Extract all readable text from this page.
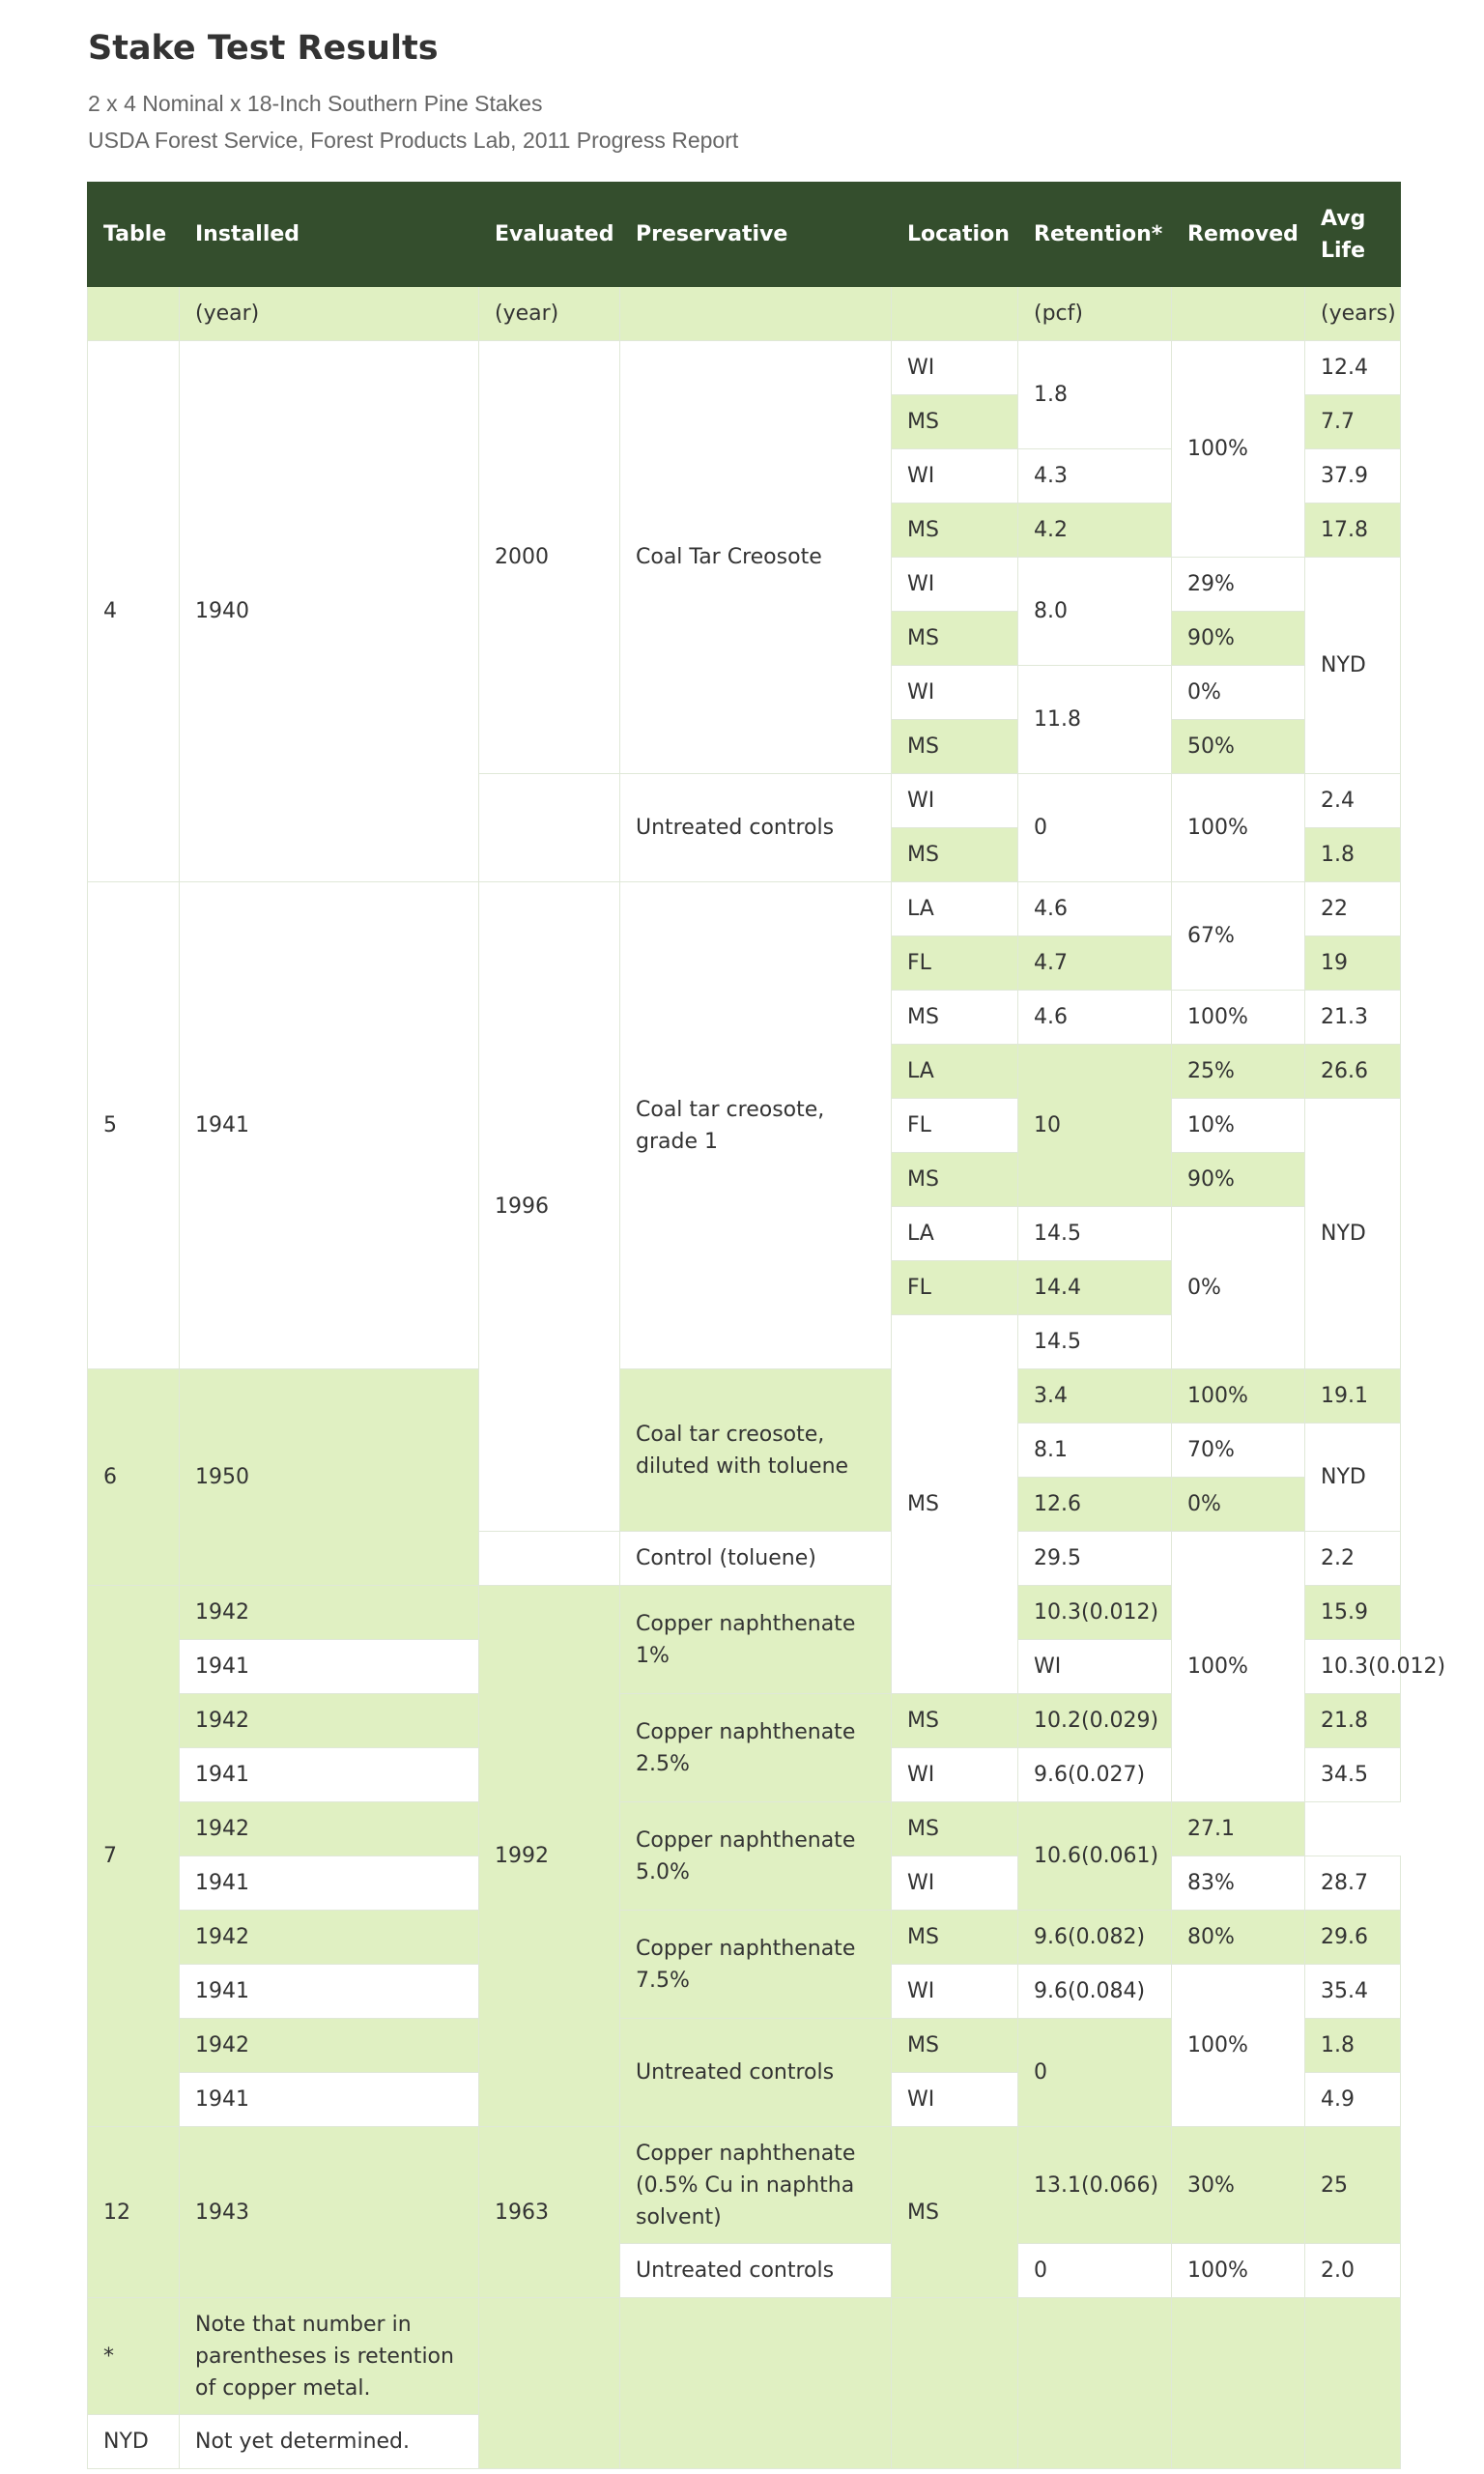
Stake Test Results

2 x 4 Nominal x 18-Inch Southern Pine Stakes

USDA Forest Service, Forest Products Lab, 2011 Progress Report

Table	Installed	Evaluated	Preservative	Location	Retention*	Removed	Avg Life	
	(year)	(year)			(pcf)		(years)	
4	1940	2000	Coal Tar Creosote	WI	1.8	100%	12.4	
				MS			7.7	
				WI	4.3		37.9	
				MS	4.2		17.8	
				WI	8.0	29%	NYD	
				MS		90%		
				WI	11.8	0%		
				MS		50%		
			Untreated controls	WI	0	100%	2.4	
				MS			1.8	
5	1941	1996	Coal tar creosote, grade 1	LA	4.6	67%	22	
				FL	4.7		19	
				MS	4.6	100%	21.3	
				LA	10	25%	26.6	
				FL		10%	NYD	
				MS		90%		
				LA	14.5	0%		
				FL	14.4			
				MS	14.5			
6	1950		Coal tar creosote, diluted with toluene		3.4	100%	19.1	
					8.1	70%	NYD	
					12.6	0%		
			Control (toluene)		29.5	100%	2.2	
7	1942	1992	Copper naphthenate 1%		10.3(0.012)		15.9	
	1941				WI		10.3(0.012)	
	1942		Copper naphthenate 2.5%	MS	10.2(0.029)		21.8	
	1941			WI	9.6(0.027)		34.5	
	1942		Copper naphthenate 5.0%	MS	10.6(0.061)	27.1		
	1941			WI		83%	28.7	
	1942		Copper naphthenate 7.5%	MS	9.6(0.082)	80%	29.6	
	1941			WI	9.6(0.084)	100%	35.4	
	1942		Untreated controls	MS	0		1.8	
	1941			WI			4.9	
12	1943	1963	Copper naphthenate (0.5% Cu in naphtha solvent)	MS	13.1(0.066)	30%	25	
			Untreated controls		0	100%	2.0	
*	Note that number in parentheses is retention of copper metal.							
NYD	Not yet determined.							
